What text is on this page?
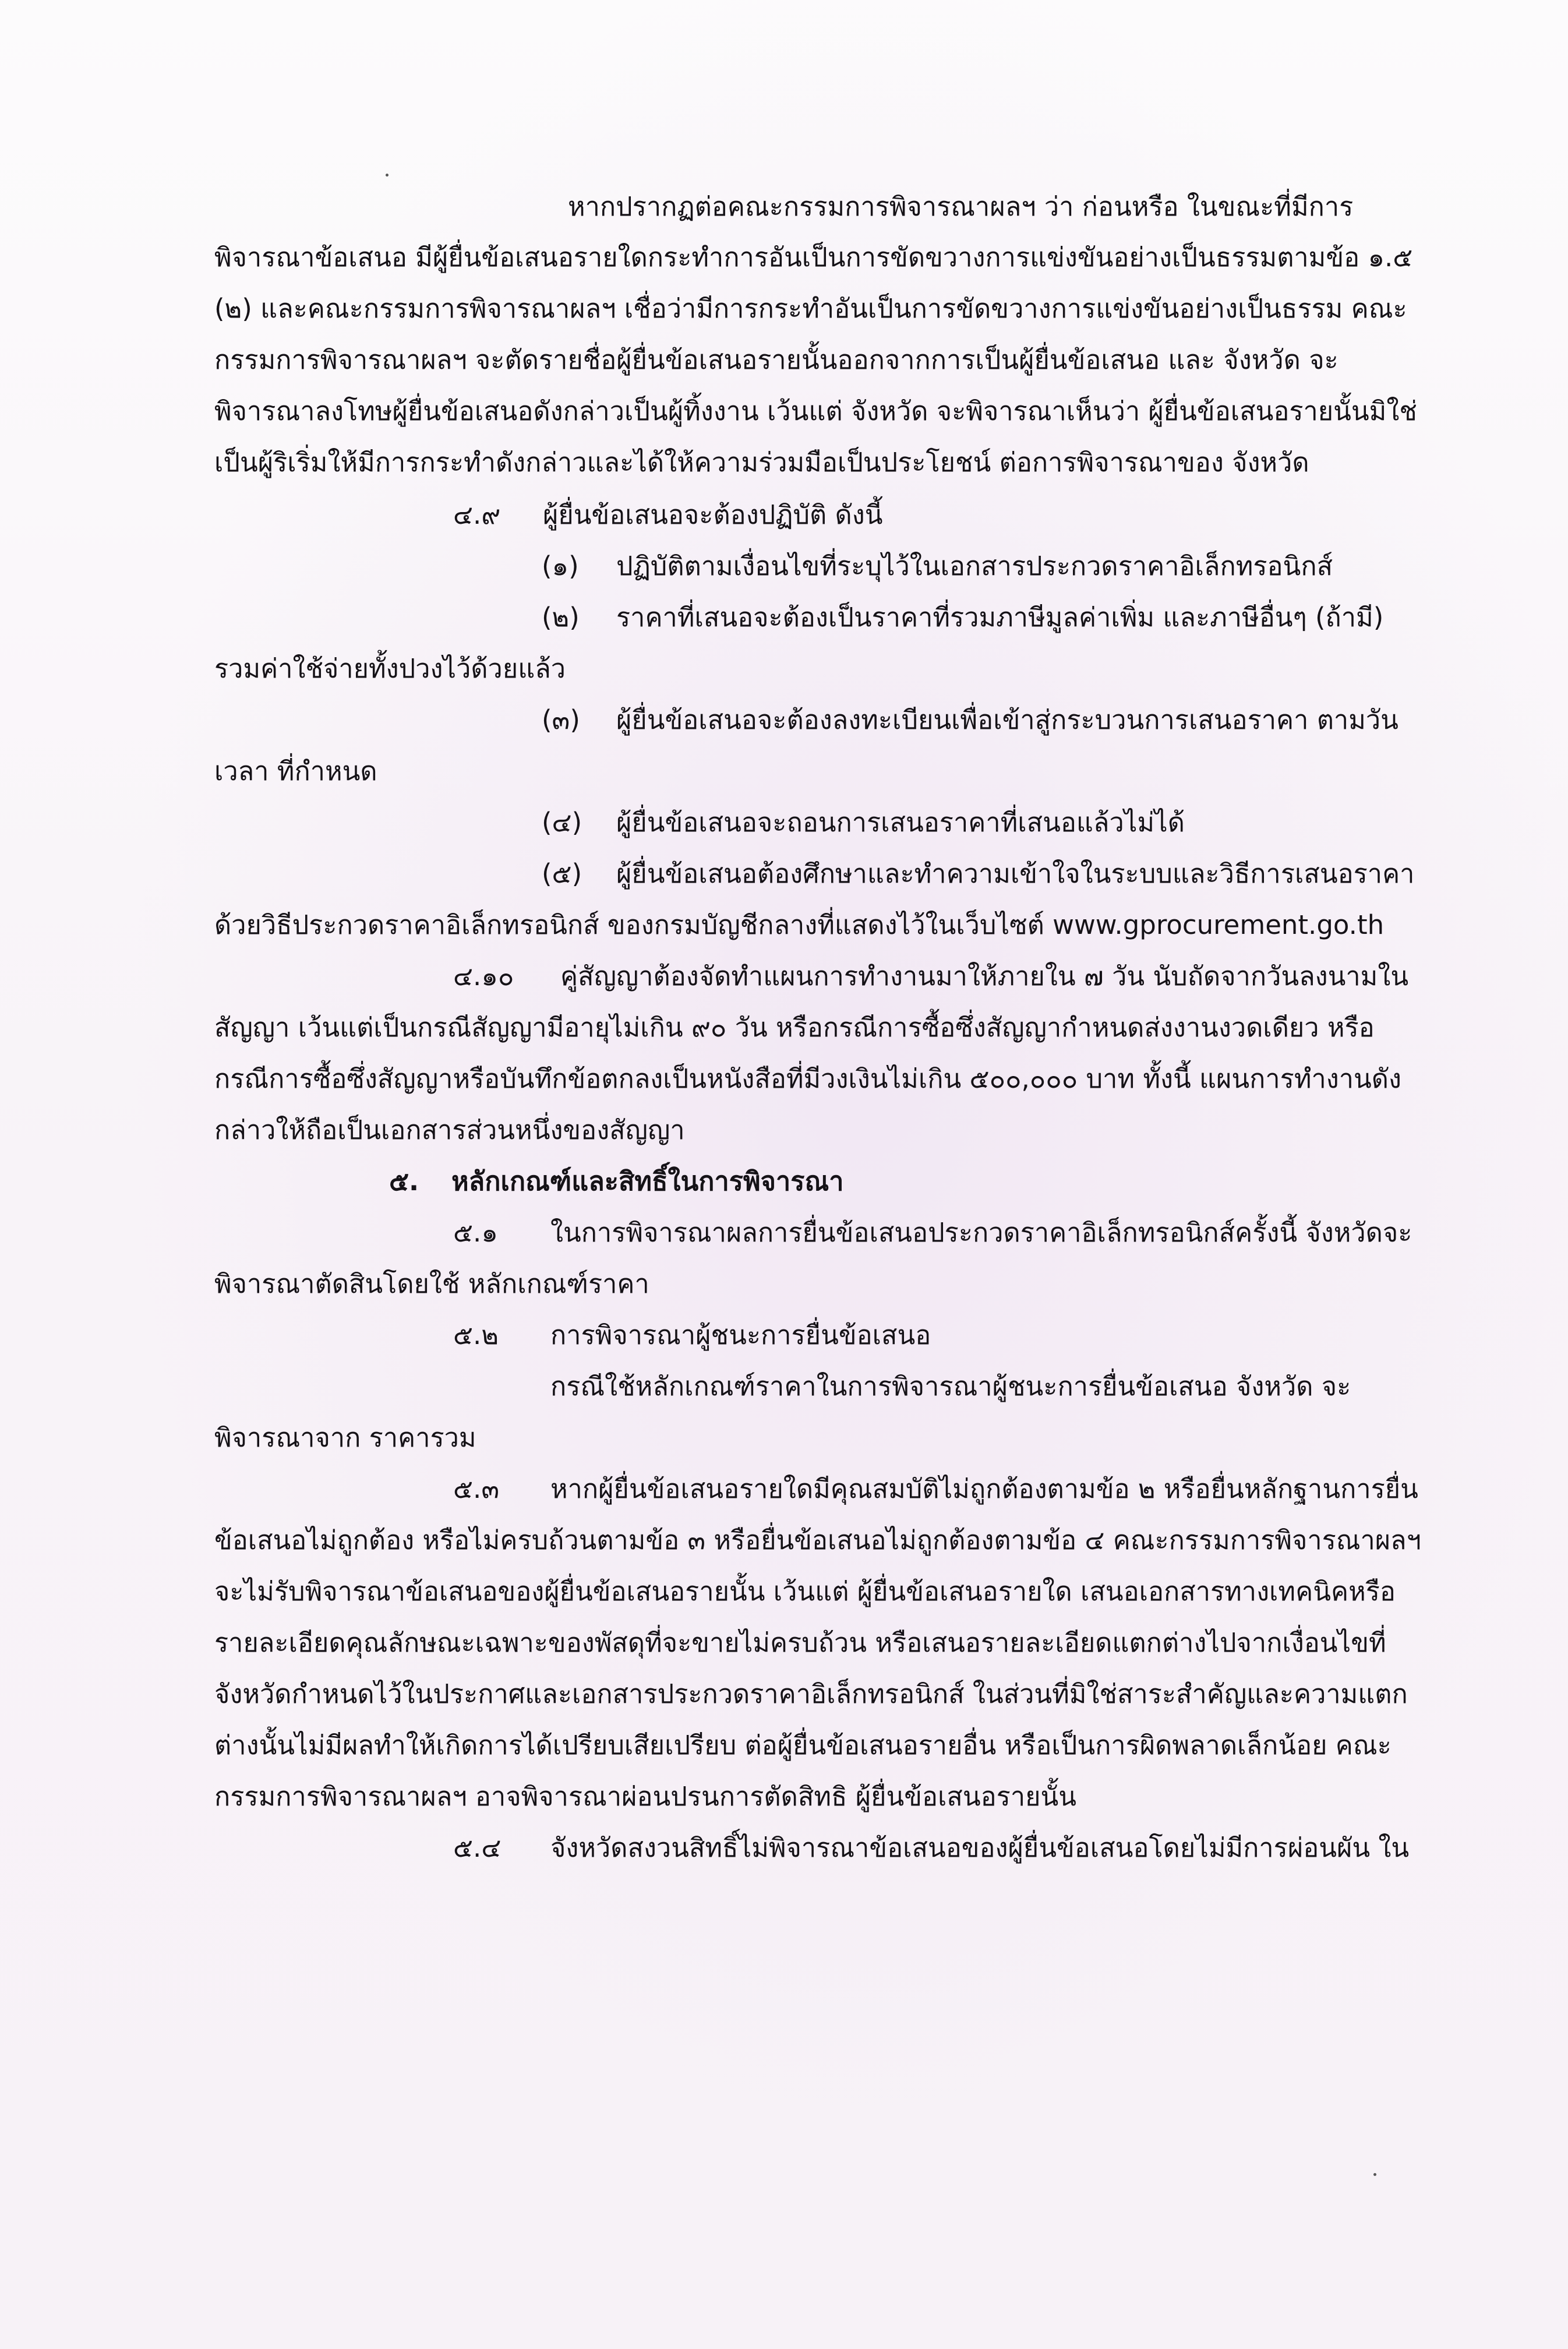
หากปรากฏต่อคณะกรรมการพิจารณาผลฯ ว่า ก่อนหรือ ในขณะที่มีการ
พิจารณาข้อเสนอ มีผู้ยื่นข้อเสนอรายใดกระทำการอันเป็นการขัดขวางการแข่งขันอย่างเป็นธรรมตามข้อ ๑.๕
(๒) และคณะกรรมการพิจารณาผลฯ เชื่อว่ามีการกระทำอันเป็นการขัดขวางการแข่งขันอย่างเป็นธรรม คณะ
กรรมการพิจารณาผลฯ จะตัดรายชื่อผู้ยื่นข้อเสนอรายนั้นออกจากการเป็นผู้ยื่นข้อเสนอ และ จังหวัด จะ
พิจารณาลงโทษผู้ยื่นข้อเสนอดังกล่าวเป็นผู้ทิ้งงาน เว้นแต่ จังหวัด จะพิจารณาเห็นว่า ผู้ยื่นข้อเสนอรายนั้นมิใช่
เป็นผู้ริเริ่มให้มีการกระทำดังกล่าวและได้ให้ความร่วมมือเป็นประโยชน์ ต่อการพิจารณาของ จังหวัด
๔.๙ ผู้ยื่นข้อเสนอจะต้องปฏิบัติ ดังนี้
(๑) ปฏิบัติตามเงื่อนไขที่ระบุไว้ในเอกสารประกวดราคาอิเล็กทรอนิกส์
(๒) ราคาที่เสนอจะต้องเป็นราคาที่รวมภาษีมูลค่าเพิ่ม และภาษีอื่นๆ (ถ้ามี)
รวมค่าใช้จ่ายทั้งปวงไว้ด้วยแล้ว
(๓) ผู้ยื่นข้อเสนอจะต้องลงทะเบียนเพื่อเข้าสู่กระบวนการเสนอราคา ตามวัน
เวลา ที่กำหนด
(๔) ผู้ยื่นข้อเสนอจะถอนการเสนอราคาที่เสนอแล้วไม่ได้
(๕) ผู้ยื่นข้อเสนอต้องศึกษาและทำความเข้าใจในระบบและวิธีการเสนอราคา
ด้วยวิธีประกวดราคาอิเล็กทรอนิกส์ ของกรมบัญชีกลางที่แสดงไว้ในเว็บไซต์ www.gprocurement.go.th
๔.๑๐ คู่สัญญาต้องจัดทำแผนการทำงานมาให้ภายใน ๗ วัน นับถัดจากวันลงนามใน
สัญญา เว้นแต่เป็นกรณีสัญญามีอายุไม่เกิน ๙๐ วัน หรือกรณีการซื้อซึ่งสัญญากำหนดส่งงานงวดเดียว หรือ
กรณีการซื้อซึ่งสัญญาหรือบันทึกข้อตกลงเป็นหนังสือที่มีวงเงินไม่เกิน ๕๐๐,๐๐๐ บาท ทั้งนี้ แผนการทำงานดัง
กล่าวให้ถือเป็นเอกสารส่วนหนึ่งของสัญญา
๕. หลักเกณฑ์และสิทธิ์ในการพิจารณา
๕.๑ ในการพิจารณาผลการยื่นข้อเสนอประกวดราคาอิเล็กทรอนิกส์ครั้งนี้ จังหวัดจะ
พิจารณาตัดสินโดยใช้ หลักเกณฑ์ราคา
๕.๒ การพิจารณาผู้ชนะการยื่นข้อเสนอ
กรณีใช้หลักเกณฑ์ราคาในการพิจารณาผู้ชนะการยื่นข้อเสนอ จังหวัด จะ
พิจารณาจาก ราคารวม
๕.๓ หากผู้ยื่นข้อเสนอรายใดมีคุณสมบัติไม่ถูกต้องตามข้อ ๒ หรือยื่นหลักฐานการยื่น
ข้อเสนอไม่ถูกต้อง หรือไม่ครบถ้วนตามข้อ ๓ หรือยื่นข้อเสนอไม่ถูกต้องตามข้อ ๔ คณะกรรมการพิจารณาผลฯ
จะไม่รับพิจารณาข้อเสนอของผู้ยื่นข้อเสนอรายนั้น เว้นแต่ ผู้ยื่นข้อเสนอรายใด เสนอเอกสารทางเทคนิคหรือ
รายละเอียดคุณลักษณะเฉพาะของพัสดุที่จะขายไม่ครบถ้วน หรือเสนอรายละเอียดแตกต่างไปจากเงื่อนไขที่
จังหวัดกำหนดไว้ในประกาศและเอกสารประกวดราคาอิเล็กทรอนิกส์ ในส่วนที่มิใช่สาระสำคัญและความแตก
ต่างนั้นไม่มีผลทำให้เกิดการได้เปรียบเสียเปรียบ ต่อผู้ยื่นข้อเสนอรายอื่น หรือเป็นการผิดพลาดเล็กน้อย คณะ
กรรมการพิจารณาผลฯ อาจพิจารณาผ่อนปรนการตัดสิทธิ ผู้ยื่นข้อเสนอรายนั้น
๕.๔ จังหวัดสงวนสิทธิ์ไม่พิจารณาข้อเสนอของผู้ยื่นข้อเสนอโดยไม่มีการผ่อนผัน ใน
